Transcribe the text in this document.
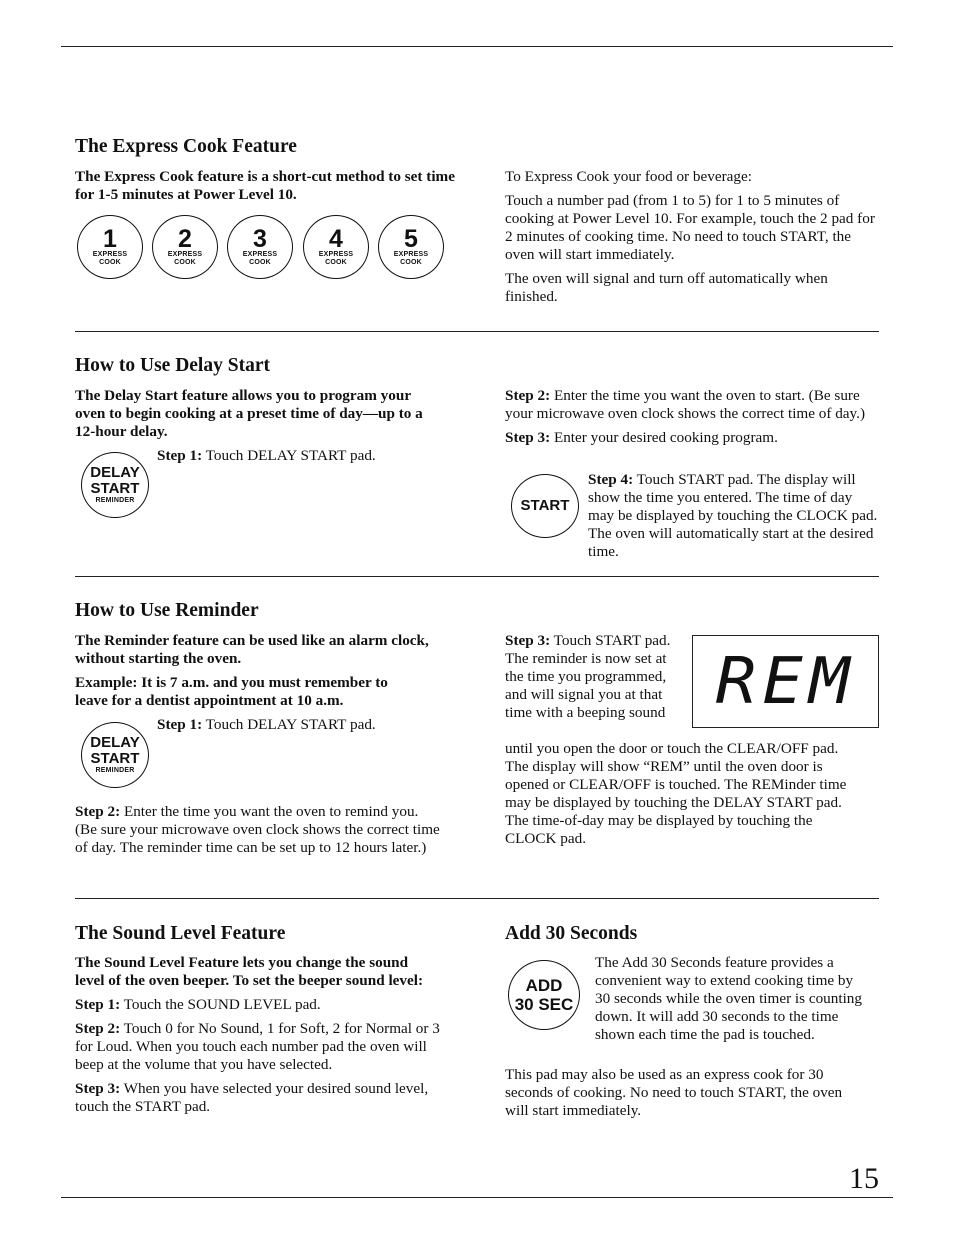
The Express Cook Feature

The Express Cook feature is a short-cut method to set time for 1-5 minutes at Power Level 10.

1
EXPRESS COOK
2
EXPRESS COOK
3
EXPRESS COOK
4
EXPRESS COOK
5
EXPRESS COOK

To Express Cook your food or beverage:

Touch a number pad (from 1 to 5) for 1 to 5 minutes of cooking at Power Level 10. For example, touch the 2 pad for 2 minutes of cooking time. No need to touch START, the oven will start immediately.

The oven will signal and turn off automatically when finished.

How to Use Delay Start

The Delay Start feature allows you to program your oven to begin cooking at a preset time of day—up to a 12-hour delay.

DELAY
START
REMINDER

Step 1: Touch DELAY START pad.

Step 2: Enter the time you want the oven to start. (Be sure your microwave oven clock shows the correct time of day.)

Step 3: Enter your desired cooking program.

START

Step 4: Touch START pad. The display will show the time you entered. The time of day may be displayed by touching the CLOCK pad. The oven will automatically start at the desired time.

How to Use Reminder

The Reminder feature can be used like an alarm clock, without starting the oven.

Example: It is 7 a.m. and you must remember to leave for a dentist appointment at 10 a.m.

DELAY
START
REMINDER

Step 1: Touch DELAY START pad.

Step 2: Enter the time you want the oven to remind you. (Be sure your microwave oven clock shows the correct time of day. The reminder time can be set up to 12 hours later.)

Step 3: Touch START pad. The reminder is now set at the time you programmed, and will signal you at that time with a beeping sound REM

until you open the door or touch the CLEAR/OFF pad. The display will show “REM” until the oven door is opened or CLEAR/OFF is touched. The REMinder time may be displayed by touching the DELAY START pad. The time-of-day may be displayed by touching the CLOCK pad.

The Sound Level Feature

The Sound Level Feature lets you change the sound level of the oven beeper. To set the beeper sound level:

Step 1: Touch the SOUND LEVEL pad.

Step 2: Touch 0 for No Sound, 1 for Soft, 2 for Normal or 3 for Loud. When you touch each number pad the oven will beep at the volume that you have selected.

Step 3: When you have selected your desired sound level, touch the START pad.

Add 30 Seconds
ADD
30 SEC

The Add 30 Seconds feature provides a convenient way to extend cooking time by 30 seconds while the oven timer is counting down. It will add 30 seconds to the time shown each time the pad is touched.

This pad may also be used as an express cook for 30 seconds of cooking. No need to touch START, the oven will start immediately.

15
